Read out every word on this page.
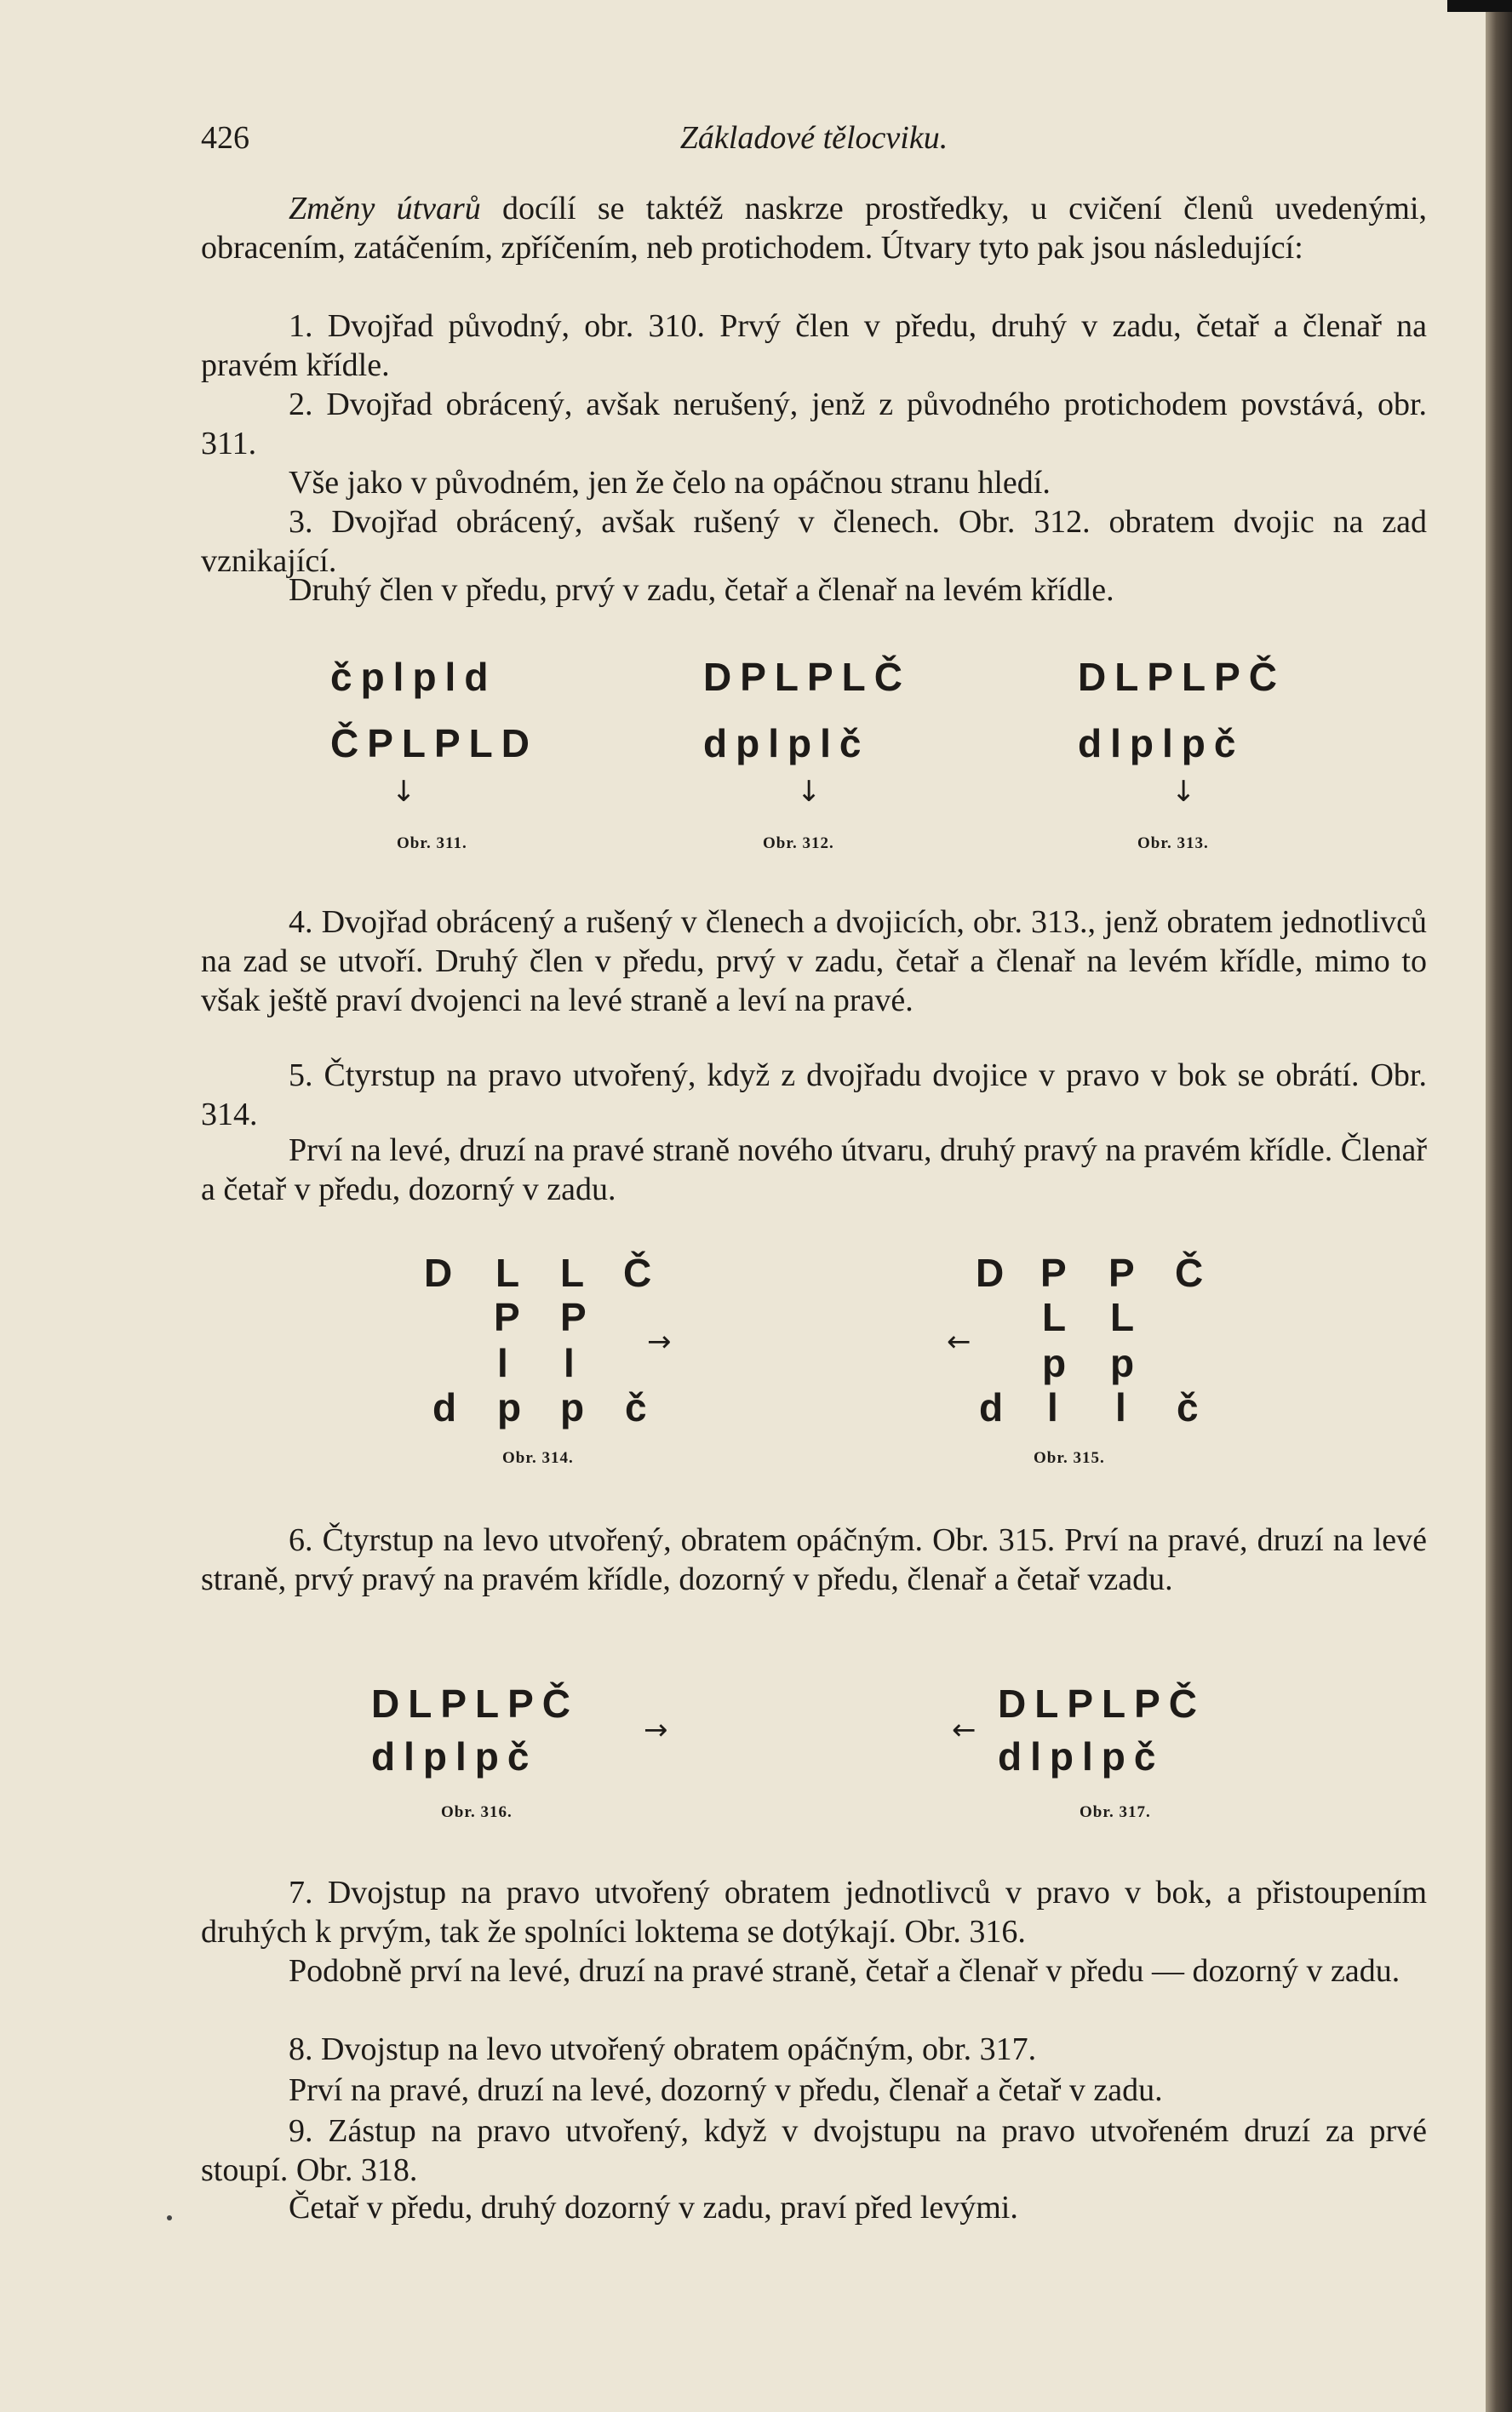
426	Základové tělocviku.
Změny útvarů docílí se taktéž naskrze prostředky, u cvičení členů uvedenými, obracením, zatáčením, zpříčením, neb protichodem. Útvary tyto pak jsou následující:
1. Dvojřad původný, obr. 310. Prvý člen v předu, druhý v zadu, četař a členař na pravém křídle.
2. Dvojřad obrácený, avšak nerušený, jenž z původného protichodem povstává, obr. 311.
Vše jako v původném, jen že čelo na opáčnou stranu hledí.
3. Dvojřad obrácený, avšak rušený v členech. Obr. 312. obratem dvojic na zad vznikající.
Druhý člen v předu, prvý v zadu, četař a členař na levém křídle.
čplpld
ČPLPLD
↓
Obr. 311.
DPLPLČ
dplplč
↓
Obr. 312.
DLPLPČ
dlplpč
↓
Obr. 313.
4. Dvojřad obrácený a rušený v členech a dvojicích, obr. 313., jenž obratem jednotlivců na zad se utvoří. Druhý člen v předu, prvý v zadu, četař a členař na levém křídle, mimo to však ještě praví dvojenci na levé straně a leví na pravé.
5. Čtyrstup na pravo utvořený, když z dvojřadu dvojice v pravo v bok se obrátí. Obr. 314.
Prví na levé, druzí na pravé straně nového útvaru, druhý pravý na pravém křídle. Členař a četař v předu, dozorný v zadu.
D L L Č
P P
l l
d p p č
→
Obr. 314.
D P P Č
L L
p p
d l l č
←
Obr. 315.
6. Čtyrstup na levo utvořený, obratem opáčným. Obr. 315. Prví na pravé, druzí na levé straně, prvý pravý na pravém křídle, dozorný v předu, členař a četař vzadu.
DLPLPČ
dlplpč
→
Obr. 316.
←
DLPLPČ
dlplpč
Obr. 317.
7. Dvojstup na pravo utvořený obratem jednotlivců v pravo v bok, a přistoupením druhých k prvým, tak že spolníci loktema se dotýkají. Obr. 316.
Podobně prví na levé, druzí na pravé straně, četař a členař v předu — dozorný v zadu.
8. Dvojstup na levo utvořený obratem opáčným, obr. 317.
Prví na pravé, druzí na levé, dozorný v předu, členař a četař v zadu.
9. Zástup na pravo utvořený, když v dvojstupu na pravo utvořeném druzí za prvé stoupí. Obr. 318.
Četař v předu, druhý dozorný v zadu, praví před levými.
